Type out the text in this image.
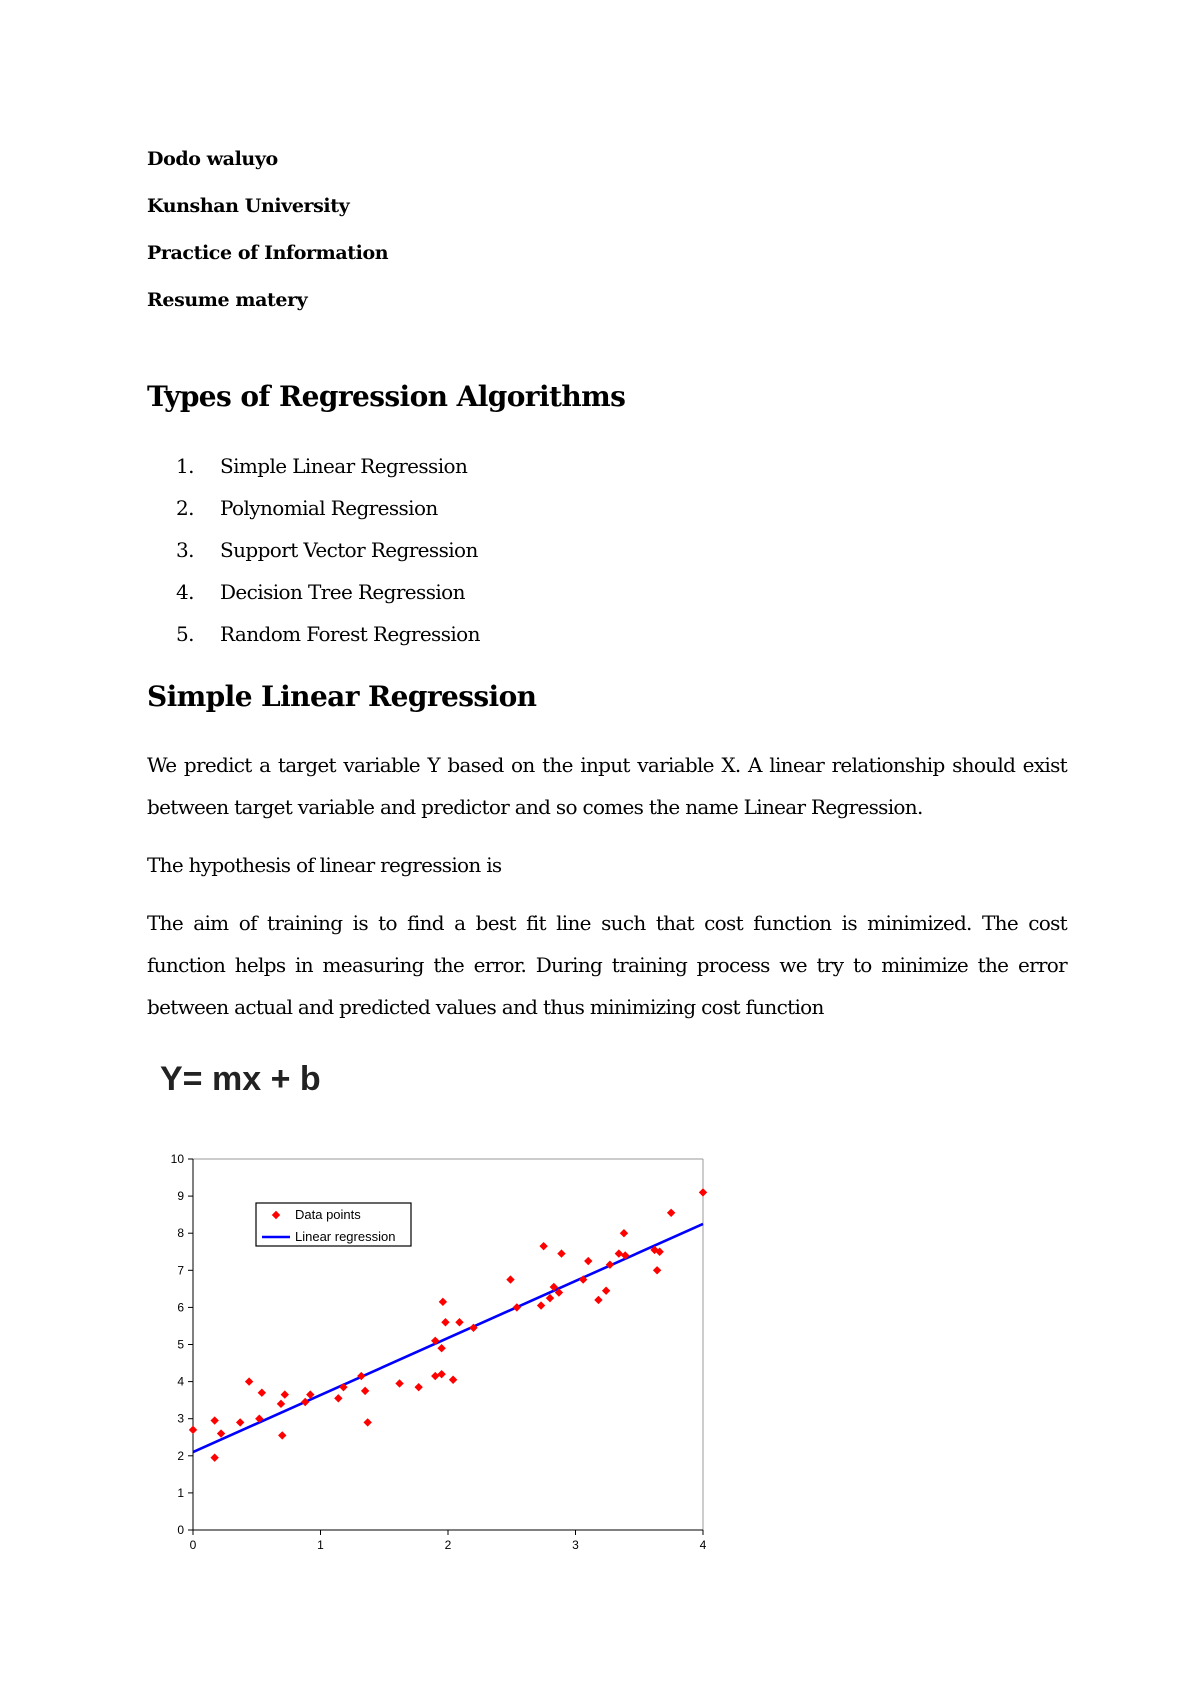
Dodo waluyo

Kunshan University

Practice of Information

Resume matery

Types of Regression Algorithms

1. Simple Linear Regression

2. Polynomial Regression

3. Support Vector Regression

4. Decision Tree Regression

5. Random Forest Regression

Simple Linear Regression

We predict a target variable Y based on the input variable X. A linear relationship should exist between target variable and predictor and so comes the name Linear Regression.

The hypothesis of linear regression is

The aim of training is to find a best fit line such that cost function is minimized. The cost function helps in measuring the error. During training process we try to minimize the error between actual and predicted values and thus minimizing cost function

Y= mx + b

0
1
2
3
4
5
6
7
8
9
10
0	1	2	3	4
Data points
Linear regression
